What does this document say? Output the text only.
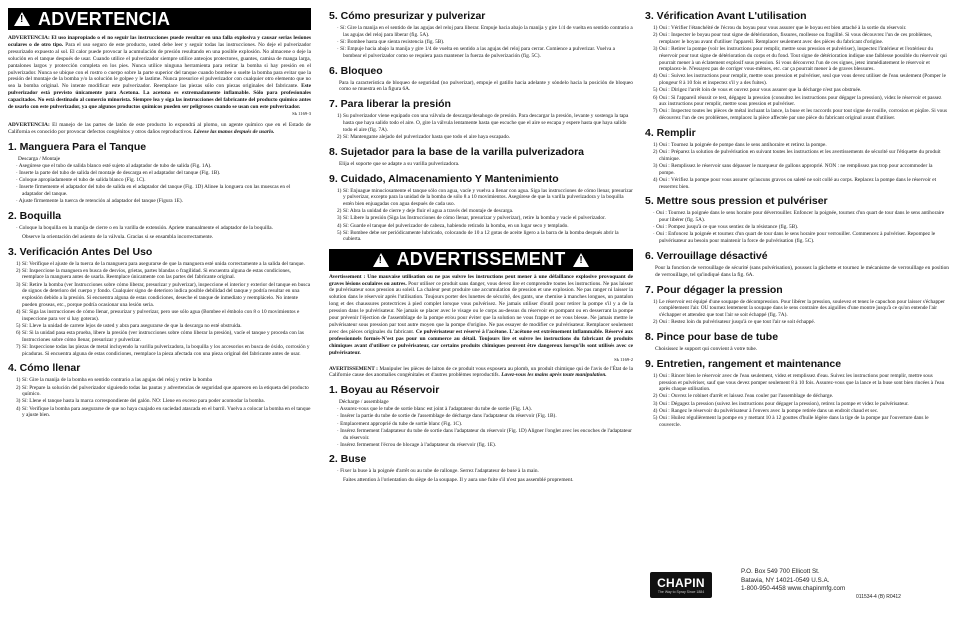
!
ADVERTENCIA

ADVERTENCIA: El uso inapropiado o el no seguir las instrucciones puede resultar en una falla explosiva y causar serias lesiones oculares o de otro tipo. Para el uso seguro de este producto, usted debe leer y seguir todas las instrucciones. No deje el pulverizador presurizado expuesto al sol. El calor puede provocar la acumulación de presión resultando en una posible explosión. No almacene o deje la solución en el tanque después de usar. Cuando utilice el pulverizador siempre utilice anteojos protectores, guantes, camisa de manga larga, pantalones largos y protección completa en los pies. Nunca utilice ninguna herramienta para retirar la bomba si hay presión en el pulverizador. Nunca se ubique con el rostro o cuerpo sobre la parte superior del tanque cuando bombee o suelte la bomba para evitar que la presión del montaje de la bomba y/o la solución le golpee y le lastime. Nunca presurice el pulverizador con cualquier otro elemento que no sea la bomba original. No intente modificar este pulverizador. Reemplace las piezas sólo con piezas originales del fabricante. Este pulverizador está previsto únicamente para Acetona. La acetona es extremadamente inflamable. Sólo para profesionales capacitados. No está destinado al comercio minorista. Siempre lea y siga las instrucciones del fabricante del producto químico antes de usarlo con este pulverizador, ya que algunos productos químicos pueden ser peligrosos cuando se usan con este pulverizador.

Sk 1169-3

ADVERTENCIA: El manejo de las partes de latón de este producto lo expondrá al plomo, un agente químico que en el Estado de California es conocido por provocar defectos congénitos y otros daños reproductivos. Lávese las manos después de usarlo.

1. Manguera Para el Tanque
Descarga / Montaje
· Asegúrese que el tubo de salida blanco esté sujeto al adaptador de tubo de salida (Fig. 1A).
· Inserte la parte del tubo de salida del montaje de descarga en el adaptador del tanque (Fig. 1B).
· Coloque apropiadamente el tubo de salida blanco (Fig. 1C).
· Inserte firmemente el adaptador del tubo de salida en el adaptador del tanque (Fig. 1D) Alinee la longuera con las muescas en el adaptador del tanque.
· Ajuste firmemente la tuerca de retención al adaptador del tanque (Figura 1E).
2. Boquilla
· Coloque la boquilla en la manija de cierre o en la varilla de extensión. Apriete manualmente el adaptador de la boquilla.
Observe la orientación del asiento de la válvula. Gracias si se ensambla incorrectamente.
3. Verificación Antes Del Uso
1) Sí: Verifique el ajuste de la tuerca de la manguera para asegurarse de que la manguera esté unida correctamente a la salida del tanque.
2) Sí: Inspeccione la manguera en busca de desvíos, grietas, partes blandas o fragilidad. Si encuentra alguna de estas condiciones, reemplace la manguera antes de usarla. Reemplace únicamente con las partes del fabricante original.
3) Sí: Retire la bomba (ver Instrucciones sobre cómo liberar, presurizar y pulverizar), inspeccione el interior y exterior del tanque en busca de signos de deterioro del cuerpo y fondo. Cualquier signo de deterioro indica posible debilidad del tanque y podría resultar en una explosión debido a la presión. Si encuentra alguna de estas condiciones, deseche el tanque de inmediato y reemplácelo. No intente pueden groseas, etc., porque podría ocasionar una lesión seria.
4) Sí: Siga las instrucciones de cómo llenar, presurizar y pulverizar, pero use sólo agua (Bombee el émbolo con 8 o 10 movimientos e inspeccione para ver si hay goteras).
5) Sí: Lleve la unidad de carrete lejos de usted y abra para asegurarse de que la descarga no esté obstruida.
6) Sí: Si la unidad pasa esta prueba, libere la presión (ver instrucciones sobre cómo liberar la presión), vacíe el tanque y proceda con las Instrucciones sobre cómo llenar, presurizar y pulverizar.
7) Sí: Inspeccione todas las piezas de metal incluyendo la varilla pulverizadora, la boquilla y los accesorios en busca de óxido, corrosión y picaduras. Si encuentra alguna de estas condiciones, reemplace la pieza afectada con una pieza original del fabricante antes de usar.
4. Cómo llenar
1) Sí: Gire la manija de la bomba en sentido contrario a las agujas del reloj y retire la bomba
2) Sí: Prepare la solución del pulverizador siguiendo todas las pautas y advertencias de seguridad que aparecen en la etiqueta del producto químico.
3) Sí: Llene el tanque hasta la marca correspondiente del galón. NO: Llene en exceso para poder acomodar la bomba.
4) Sí: Verifique la bomba para asegurarse de que no haya cuajado en suciedad atascada en el barril. Vuelva a colocar la bomba en el tanque y ajuste bien.
5. Cómo presurizar y pulverizar
· Sí: Gire la manija en el sentido de las agujas del reloj para liberar. Empuje hacia abajo la manija y gire 1/4 de vuelta en sentido contrario a las agujas del reloj para liberar (fig. 5A).
· Sí: Bombee hasta que sienta resistencia (fig. 5B).
· Sí: Empuje hacia abajo la manija y gire 1/4 de vuelta en sentido a las agujas del reloj para cerrar. Comience a pulverizar. Vuelva a bombear el pulverizador como se requiera para mantener la fuerza de pulverización (fig. 5C).
6. Bloqueo
Para la característica de bloqueo de seguridad (no pulverizar), empuje el gatillo hacia adelante y sóndelo hacia la posición de bloqueo como se muestra en la figura 6A.
7. Para liberar la presión
1) Su pulverizador viene equipado con una válvula de descarga/desahogo de presión. Para descargar la presión, levante y sostenga la tapa hasta que haya salido todo el aire. O, gire la válvula lentamente hasta que escuche que el aire se escapa y espere hasta que haya salido todo el aire (fig. 7A).
2) Sí: Mantengame alejado del pulverizador hasta que todo el aire haya escapado.
8. Sujetador para la base de la varilla pulverizadora
Elija el soporte que se adapte a su varilla pulverizadora.
9. Cuidado, Almacenamiento Y Mantenimiento
1) Sí: Enjuague minuciosamente el tanque sólo con agua, vacíe y vuelva a llenar con agua. Siga las instrucciones de cómo llenar, presurizar y pulverizar, excepto para la unidad de la bomba de sólo 8 a 10 movimientos. Asegúrese de que la varilla pulverizadora y la boquilla estén bien enjuagadas con agua después de cada uso.
2) Sí: Abra la unidad de cierre y deje fluir el agua a través del montaje de descarga.
3) Sí: Libere la presión (Siga las Instrucciones de cómo llenar, presurizar y pulverizar), retire la bomba y vacíe el pulverizador.
4) Sí: Guarde el tanque del pulverizador de cabeza, habiendo retirado la bomba, en un lugar seco y templado.
5) Sí: Bombee debe ser periódicamente lubricado, colocando de 10 a 12 gotas de aceite ligero a la barra de la bomba después abrir la cubierta.
!
ADVERTISSEMENT
!

Avertissement : Une mauvaise utilisation ou ne pas suivre les instructions peut mener à une défaillance explosive provoquant de graves lésions oculaires ou autres. Pour utiliser ce produit sans danger, vous devez lire et comprendre toutes les instructions. Ne pas laisser de pulvérisateur sous pression au soleil. La chaleur peut produire une accumulation de pression et une explosion. Ne pas ranger ni laisser la solution dans le réservoir après l'utilisation. Toujours porter des lunettes de sécurité, des gants, une chemise à manches longues, un pantalon long et des chaussures protectrices à pied complet lorsque vous pulvérisez. Ne jamais utiliser d'outil pour retirer la pompe s'il y a de la pression dans le pulvérisateur. Ne jamais se placer avec le visage ou le corps au-dessus du réservoir en pompant ou en desserrant la pompe pour prévenir l'éjection de l'assemblage de la pompe et/ou pour éviter que la solution ne vous frappe et ne vous blesse. Ne jamais mettre le pulvérisateur sous pression par tout autre moyen que la pompe d'origine. Ne pas essayer de modifier ce pulvérisateur. Remplacer seulement avec des pièces originales du fabricant. Ce pulvérisateur est réservé à l'acétone. L'acétone est extrêmement inflammable. Réservé aux professionnels formés-N'est pas pour un commerce au détail. Toujours lire et suivre les instructions du fabricant de produits chimiques avant d'utiliser ce pulvérisateur, car certains produits chimiques peuvent être dangereux lorsqu'ils sont utilisés avec ce pulvérisateur.

Sk 1169-2

AVERTISSEMENT : Manipuler les pièces de laiton de ce produit vous exposera au plomb, un produit chimique qui de l'avis de l'État de la Californie cause des anomalies congénitales et d'autres problèmes reproductifs. Lavez-vous les mains après toute manipulation.

1. Boyau au Réservoir
Décharge / assemblage
· Assurez-vous que le tube de sortie blanc est joint à l'adaptateur du tube de sortie (Fig. 1A).
· Insérer la partie du tube de sortie de l'assemblage de décharge dans l'adaptateur du réservoir (Fig. 1B).
· Emplacement approprié du tube de sortie blanc (Fig. 1C).
· Insérez fermement l'adaptateur du tube de sortie dans l'adaptateur du réservoir (Fig. 1D) Aligner l'onglet avec les encoches de l'adaptateur du réservoir.
· Insérez fermement l'écrou de blocage à l'adaptateur du réservoir (fig. 1E).
2. Buse
· Fixer la buse à la poignée d'arrêt ou au tube de rallonge. Serrez l'adaptateur de buse à la main.
Faites attention à l'orientation du siège de la soupape. Il y aura une fuite s'il n'est pas assemblé proprement.
3. Vérification Avant L'utilisation
1) Oui : Vérifier l'étanchéité de l'écrou du boyau pour vous assurer que le boyau est bien attaché à la sortie du réservoir.
2) Oui : Inspecter le boyau pour tout signe de détérioration, fissures, mollesse ou fragilité. Si vous découvrez l'un de ces problèmes, remplacer le boyau avant d'utiliser l'appareil. Remplacer seulement avec des pièces du fabricant d'origine.
3) Oui : Retirer la pompe (voir les instructions pour remplir, mettre sous pression et pulvériser), inspectez l'intérieur et l'extérieur du réservoir pour tout signe de détérioration du corps et du fond. Tout signe de détérioration indique une faiblesse possible du réservoir qui pourrait mener à un éclatement explosif sous pression. Si vous découvrez l'un de ces signes, jetez immédiatement le réservoir et remplacez-le. N'essayez pas de corriger vous-mêmes, etc. car ça pourrait mener à de graves blessures.
4) Oui : Suivez les instructions pour remplir, mettre sous pression et pulvériser, seul que vous devez utiliser de l'eau seulement (Pomper le plongeur 8 à 10 fois et inspectez s'il y a des fuites).
5) Oui : Dirigez l'arrêt loin de vous et ouvrez pour vous assurer que la décharge n'est pas obstruée.
6) Oui : Si l'appareil réussit ce test, dégagez la pression (consultez les instructions pour dégager la pression), videz le réservoir et passez aux instructions pour remplir, mettre sous pression et pulvériser.
7) Oui : Inspectez toutes les pièces de métal incluant la lance, la buse et les raccords pour tout signe de rouille, corrosion et piqûre. Si vous découvrez l'un de ces problèmes, remplacez la pièce affectée par une pièce du fabricant original avant d'utiliser.
4. Remplir
1) Oui : Tournez la poignée de pompe dans le sens antihoraire et retirez la pompe.
2) Oui : Préparez la solution de pulvérisation en suivant toutes les instructions et les avertissements de sécurité sur l'étiquette du produit chimique.
3) Oui : Remplissez le réservoir sans dépasser le marqueur de gallons approprié. NON : ne remplissez pas trop pour accommoder la pompe.
4) Oui : Vérifiez la pompe pour vous assurer qu'aucuns gravos ou saleté ne soit collé au corps. Replacez la pompe dans le réservoir et resserrez bien.
5. Mettre sous pression et pulvériser
· Oui : Tournez la poignée dans le sens horaire pour déverrouiller. Enfoncer la poignée, tournez d'un quart de tour dans le sens antihoraire pour libérer (fig. 5A).
· Oui : Pompez jusqu'à ce que vous sentiez de la résistance (fig. 5B).
· Oui : Enfoncez la poignée et tournez d'un quart de tour dans le sens horaire pour verrouiller. Commencez à pulvériser. Repompez le pulvérisateur au besoin pour maintenir la force de pulvérisation (fig. 5C).
6. Verrouillage désactivé
Pour la fonction de verrouillage de sécurité (sans pulvérisation), poussez la gâchette et tournez le mécanisme de verrouillage en position de verrouillage, tel qu'indiqué dans la fig. 6A.
7. Pour dégager la pression
1) Le réservoir est équipé d'une soupape de décompression. Pour libérer la pression, soulevez et tenez le capuchon pour laisser s'échapper complètement l'air. OU tournez lentement la soupape dans le sens contraire des aiguilles d'une montre jusqu'à ce qu'on entende l'air s'échapper et attendez que tout l'air se soit échappé (fig. 7A).
2) Oui : Restez loin du pulvérisateur jusqu'à ce que tout l'air se soit échappé.
8. Pince pour base de tube
Choisissez le support qui convient à votre tube.
9. Entretien, rangement et maintenance
1) Oui : Rincer bien le réservoir avec de l'eau seulement, videz et remplissez d'eau. Suivez les instructions pour remplir, mettre sous pression et pulvériser, sauf que vous devez pomper seulement 8 à 10 fois. Assurez-vous que la lance et la buse sont bien rincées à l'eau après chaque utilisation.
2) Oui : Ouvrez le robinet d'arrêt et laissez l'eau couler par l'assemblage de décharge.
3) Oui : Dégagez la pression (suivez les instructions pour dégager la pression), retirez la pompe et videz le pulvérisateur.
4) Oui : Rangez le réservoir du pulvérisateur à l'envers avec la pompe retirée dans un endroit chaud et sec.
5) Oui : Huilez régulièrement la pompe en y mettant 10 à 12 gouttes d'huile légère dans la tige de la pompe par l'ouverture dans le couvercle.
CHAPIN
The Way to Spray Since 1884
P.O. Box 549 700 Ellicott St.
Batavia, NY 14021-0549 U.S.A.
1-800-950-4458 www.chapinmfg.com
011534-4 (B) R0412
